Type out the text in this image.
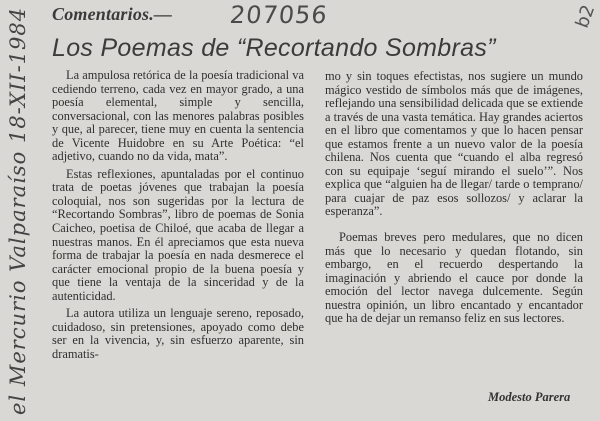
Comentarios.— 207056	b2
el Mercurio Valparaíso 18-XII-1984 Los Poemas de “Recortando Sombras”

La ampulosa retórica de la poesía tradicional va cediendo terreno, cada vez en mayor grado, a una poesía elemental, simple y sencilla, conversacional, con las menores palabras posibles y que, al parecer, tiene muy en cuenta la sentencia de Vicente Huidobre en su Arte Poética: “el adjetivo, cuando no da vida, mata”.

Estas reflexiones, apuntaladas por el continuo trata de poetas jóvenes que trabajan la poesía coloquial, nos son sugeridas por la lectura de “Recortando Sombras”, libro de poemas de Sonia Caicheo, poetisa de Chiloé, que acaba de llegar a nuestras manos. En él apreciamos que esta nueva forma de trabajar la poesía en nada desmerece el carácter emocional propio de la buena poesía y que tiene la ventaja de la sinceridad y de la autenticidad.

La autora utiliza un lenguaje sereno, reposado, cuidadoso, sin pretensiones, apoyado como debe ser en la vivencia, y, sin esfuerzo aparente, sin dramatis-

mo y sin toques efectistas, nos sugiere un mundo mágico vestido de símbolos más que de imágenes, reflejando una sensibilidad delicada que se extiende a través de una vasta temática. Hay grandes aciertos en el libro que comentamos y que lo hacen pensar que estamos frente a un nuevo valor de la poesía chilena. Nos cuenta que “cuando el alba regresó con su equipaje ‘seguí mirando el suelo’”. Nos explica que “alguien ha de llegar/ tarde o temprano/ para cuajar de paz esos sollozos/ y aclarar la esperanza”.

Poemas breves pero medulares, que no dicen más que lo necesario y quedan flotando, sin embargo, en el recuerdo despertando la imaginación y abriendo el cauce por donde la emoción del lector navega dulcemente. Según nuestra opinión, un libro encantado y encantador que ha de dejar un remanso feliz en sus lectores.

Modesto Parera
